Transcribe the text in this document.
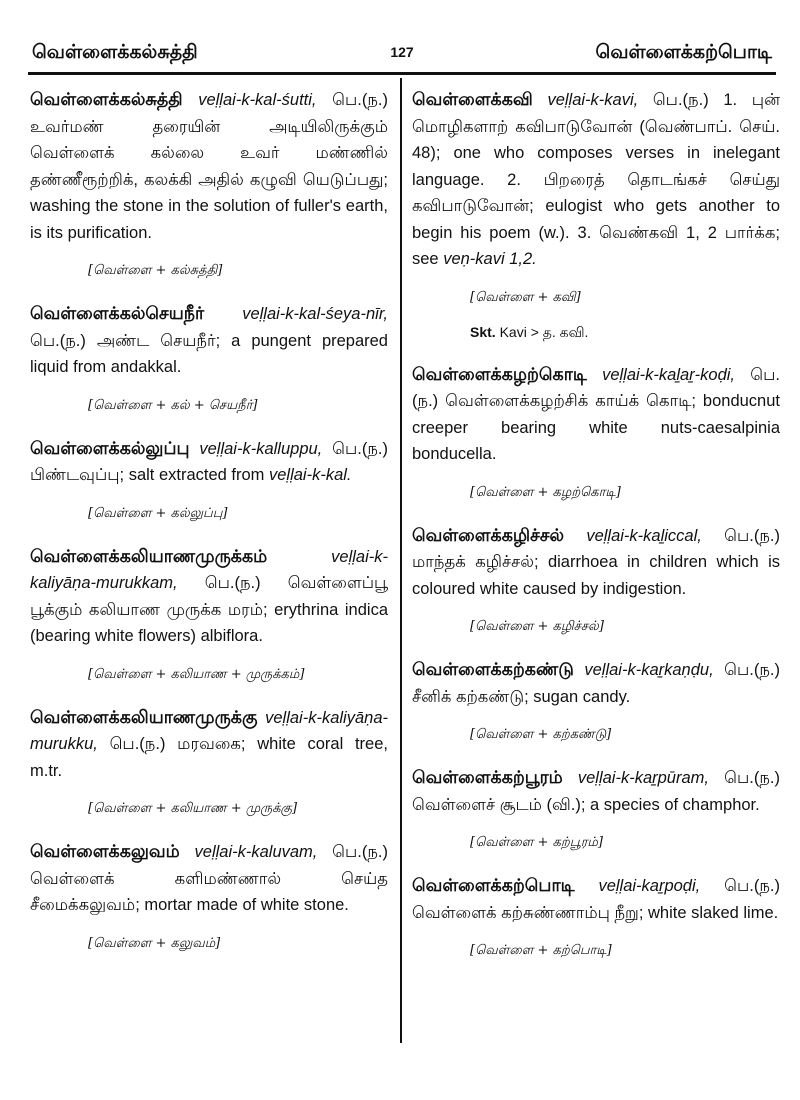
வெள்ளைக்கல்சுத்தி	127	வெள்ளைக்கற்பொடி

வெள்ளைக்கல்சுத்தி veḷḷai-k-kal-śutti, பெ.(ந.) உவர்மண் தரையின் அடியிலிருக்கும் வெள்ளைக் கல்லை உவர் மண்ணில் தண்ணீரூற்றிக், கலக்கி அதில் கழுவி யெடுப்பது; washing the stone in the solution of fuller's earth, is its purification.

[வெள்ளை + கல்சுத்தி]

வெள்ளைக்கல்செயநீர் veḷḷai-k-kal-śeya-nīr, பெ.(ந.) அண்ட செயநீர்; a pungent prepared liquid from andakkal.

[வெள்ளை + கல் + செயநீர்]

வெள்ளைக்கல்லுப்பு veḷḷai-k-kalluppu, பெ.(ந.) பிண்டவுப்பு; salt extracted from veḷḷai-k-kal.

[வெள்ளை + கல்லுப்பு]

வெள்ளைக்கலியாணமுருக்கம்	veḷḷai-k-kaliyāṇa-murukkam, பெ.(ந.) வெள்ளைப்பூ பூக்கும் கலியாண முருக்க மரம்; erythrina indica (bearing white flowers) albiflora.

[வெள்ளை + கலியாண + முருக்கம்]

வெள்ளைக்கலியாணமுருக்கு veḷḷai-k-kaliyāṇa-murukku, பெ.(ந.) மரவகை; white coral tree, m.tr.

[வெள்ளை + கலியாண + முருக்கு]

வெள்ளைக்கலுவம் veḷḷai-k-kaluvam, பெ.(ந.) வெள்ளைக் களிமண்ணால் செய்த சீமைக்கலுவம்; mortar made of white stone.

[வெள்ளை + கலுவம்]

வெள்ளைக்கவி veḷḷai-k-kavi, பெ.(ந.) 1. புன் மொழிகளாற் கவிபாடுவோன் (வெண்பாப். செய். 48); one who composes verses in inelegant language. 2. பிறரைத் தொடங்கச் செய்து கவிபாடுவோன்; eulogist who gets another to begin his poem (w.). 3. வெண்கவி 1, 2 பார்க்க; see veṇ-kavi 1,2.

[வெள்ளை + கவி]
Skt. Kavi > த. கவி.

வெள்ளைக்கழற்கொடி veḷḷai-k-kaḻaṟ-koḍi, பெ.(ந.) வெள்ளைக்கழற்சிக் காய்க் கொடி; bonducnut creeper bearing white nuts-caesalpinia bonducella.

[வெள்ளை + கழற்கொடி]

வெள்ளைக்கழிச்சல் veḷḷai-k-kaḻiccal, பெ.(ந.) மாந்தக் கழிச்சல்; diarrhoea in children which is coloured white caused by indigestion.

[வெள்ளை + கழிச்சல்]

வெள்ளைக்கற்கண்டு veḷḷai-k-kaṟkaṇḍu, பெ.(ந.) சீனிக் கற்கண்டு; sugan candy.

[வெள்ளை + கற்கண்டு]

வெள்ளைக்கற்பூரம் veḷḷai-k-kaṟpūram, பெ.(ந.) வெள்ளைச் சூடம் (வி.); a species of champhor.

[வெள்ளை + கற்பூரம்]

வெள்ளைக்கற்பொடி veḷḷai-kaṟpoḍi, பெ.(ந.) வெள்ளைக் கற்சுண்ணாம்பு நீறு; white slaked lime.

[வெள்ளை + கற்பொடி]
